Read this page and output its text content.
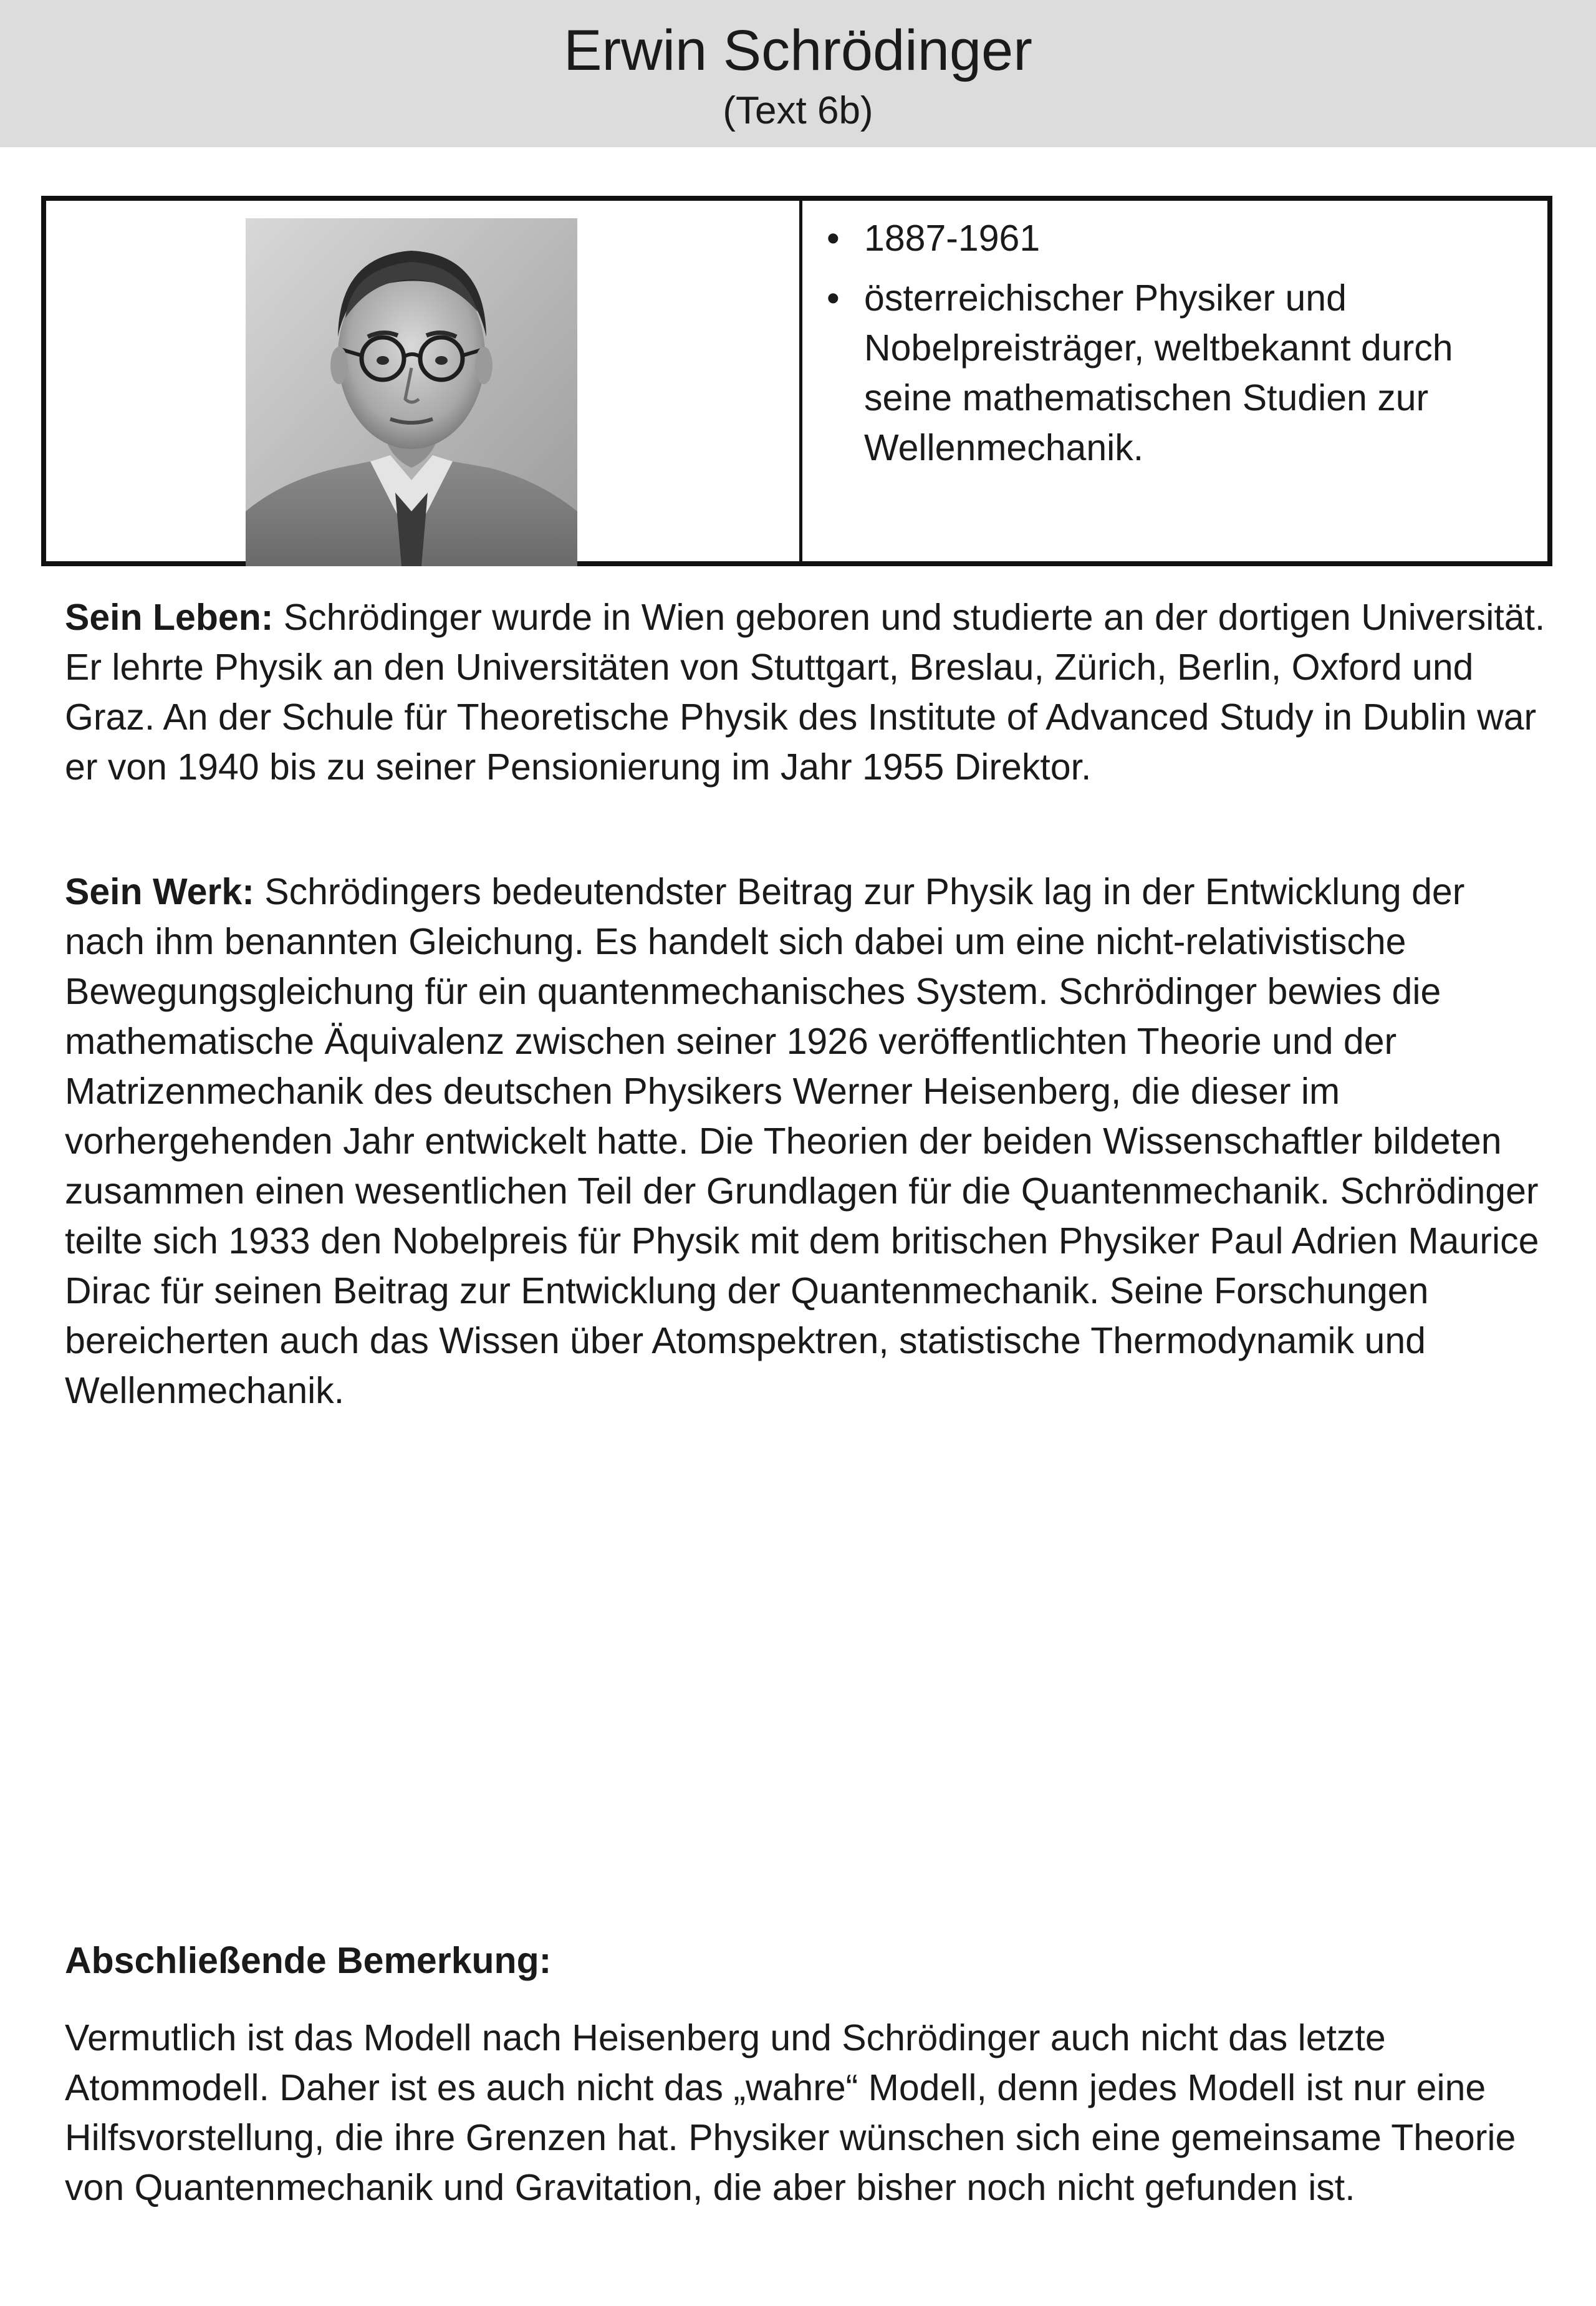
Erwin Schrödinger
(Text 6b)
• 1887-1961
• österreichischer Physiker und Nobelpreisträger, weltbekannt durch seine mathematischen Studien zur Wellenmechanik.

Sein Leben: Schrödinger wurde in Wien geboren und studierte an der dortigen Universität. Er lehrte Physik an den Universitäten von Stuttgart, Breslau, Zürich, Berlin, Oxford und Graz. An der Schule für Theoretische Physik des Institute of Advanced Study in Dublin war er von 1940 bis zu seiner Pensionierung im Jahr 1955 Direktor.

Sein Werk: Schrödingers bedeutendster Beitrag zur Physik lag in der Entwicklung der nach ihm benannten Gleichung. Es handelt sich dabei um eine nicht-relativistische Bewegungsgleichung für ein quantenmechanisches System. Schrödinger bewies die mathematische Äquivalenz zwischen seiner 1926 veröffentlichten Theorie und der Matrizenmechanik des deutschen Physikers Werner Heisenberg, die dieser im vorhergehenden Jahr entwickelt hatte. Die Theorien der beiden Wissenschaftler bildeten zusammen einen wesentlichen Teil der Grundlagen für die Quantenmechanik. Schrödinger teilte sich 1933 den Nobelpreis für Physik mit dem britischen Physiker Paul Adrien Maurice Dirac für seinen Beitrag zur Entwicklung der Quantenmechanik. Seine Forschungen bereicherten auch das Wissen über Atomspektren, statistische Thermodynamik und Wellenmechanik.

Abschließende Bemerkung:

Vermutlich ist das Modell nach Heisenberg und Schrödinger auch nicht das letzte Atommodell. Daher ist es auch nicht das „wahre“ Modell, denn jedes Modell ist nur eine Hilfsvorstellung, die ihre Grenzen hat. Physiker wünschen sich eine gemeinsame Theorie von Quantenmechanik und Gravitation, die aber bisher noch nicht gefunden ist.
